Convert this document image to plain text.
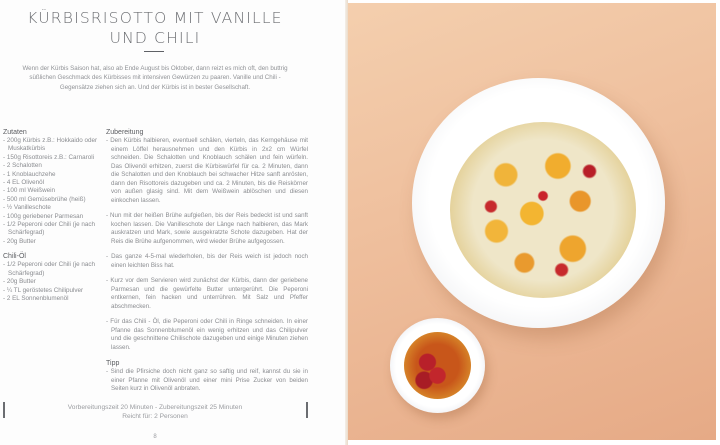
KÜRBISRISOTTO MIT VANILLE
UND CHILI

Wenn der Kürbis Saison hat, also ab Ende August bis Oktober, dann reizt es mich oft, den buttrig süßlichen Geschmack des Kürbisses mit intensiven Gewürzen zu paaren. Vanille und Chili - Gegensätze ziehen sich an. Und der Kürbis ist in bester Gesellschaft.

Zutaten
- 200g Kürbis z.B.: Hokkaido oder Muskatkürbis
- 150g Risottoreis z.B.: Carnaroli
- 2 Schalotten
- 1 Knoblauchzehe
- 4 EL Olivenöl
- 100 ml Weißwein
- 500 ml Gemüsebrühe (heiß)
- ½ Vanilleschote
- 100g geriebener Parmesan
- 1/2 Peperoni oder Chili (je nach Schärfegrad)
- 20g Butter
Chili-Öl
- 1/2 Peperoni oder Chili (je nach Schärfegrad)
- 20g Butter
- ¼ TL geröstetes Chilipulver
- 2 EL Sonnenblumenöl
Zubereitung
- Den Kürbis halbieren, eventuell schälen, vierteln, das Kerngehäuse mit einem Löffel herausnehmen und den Kürbis in 2x2 cm Würfel schneiden. Die Schalotten und Knoblauch schälen und fein würfeln. Das Olivenöl erhitzen, zuerst die Kürbiswürfel für ca. 2 Minuten, dann die Schalotten und den Knoblauch bei schwacher Hitze sanft anrösten, dann den Risottoreis dazugeben und ca. 2 Minuten, bis die Reiskörner von außen glasig sind. Mit dem Weißwein ablöschen und diesen einkochen lassen.
- Nun mit der heißen Brühe aufgießen, bis der Reis bedeckt ist und sanft kochen lassen. Die Vanilleschote der Länge nach halbieren, das Mark auskratzen und Mark, sowie ausgekratzte Schote dazugeben. Hat der Reis die Brühe aufgenommen, wird wieder Brühe aufgegossen.
- Das ganze 4-5-mal wiederholen, bis der Reis weich ist jedoch noch einen leichten Biss hat.
- Kurz vor dem Servieren wird zunächst der Kürbis, dann der geriebene Parmesan und die gewürfelte Butter untergerührt. Die Peperoni entkernen, fein hacken und unterrühren. Mit Salz und Pfeffer abschmecken.
- Für das Chili - Öl, die Peperoni oder Chili in Ringe schneiden. In einer Pfanne das Sonnenblumenöl ein wenig erhitzen und das Chilipulver und die geschnittene Chilischote dazugeben und einige Minuten ziehen lassen.
Tipp
- Sind die Pfirsiche doch nicht ganz so saftig und reif, kannst du sie in einer Pfanne mit Olivenöl und einer mini Prise Zucker von beiden Seiten kurz in Olivenöl anbraten.
Vorbereitungszeit 20 Minuten - Zubereitungszeit 25 Minuten
Reicht für: 2 Personen
8
